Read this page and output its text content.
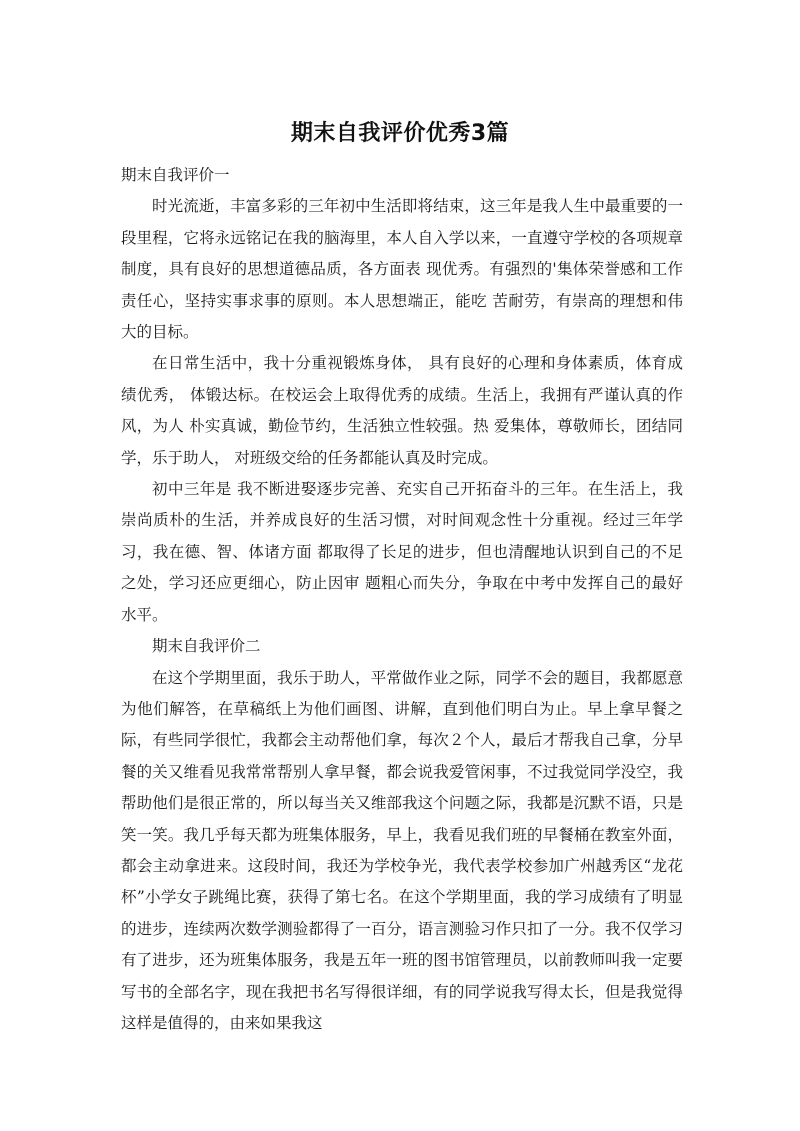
期末自我评价优秀3篇

期末自我评价一

时光流逝，丰富多彩的三年初中生活即将结束，这三年是我人生中最重要的一段里程，它将永远铭记在我的脑海里，本人自入学以来，一直遵守学校的各项规章 制度，具有良好的思想道德品质，各方面表 现优秀。有强烈的'集体荣誉感和工作责任心，坚持实事求事的原则。本人思想端正，能吃 苦耐劳，有崇高的理想和伟大的目标。

在日常生活中，我十分重视锻炼身体， 具有良好的心理和身体素质，体育成绩优秀， 体锻达标。在校运会上取得优秀的成绩。生活上，我拥有严谨认真的作风，为人 朴实真诚，勤俭节约，生活独立性较强。热 爱集体，尊敬师长，团结同学，乐于助人， 对班级交给的任务都能认真及时完成。

初中三年是 我不断进娶逐步完善、充实自己开拓奋斗的三年。在生活上，我崇尚质朴的生活，并养成良好的生活习惯，对时间观念性十分重视。经过三年学习，我在德、智、体诸方面 都取得了长足的进步，但也清醒地认识到自己的不足之处，学习还应更细心，防止因审 题粗心而失分，争取在中考中发挥自己的最好水平。

期末自我评价二

在这个学期里面，我乐于助人，平常做作业之际，同学不会的题目，我都愿意为他们解答，在草稿纸上为他们画图、讲解，直到他们明白为止。早上拿早餐之际，有些同学很忙，我都会主动帮他们拿，每次２个人，最后才帮我自己拿，分早餐的关又维看见我常常帮别人拿早餐，都会说我爱管闲事，不过我觉同学没空，我帮助他们是很正常的，所以每当关又维部我这个问题之际，我都是沉默不语，只是笑一笑。我几乎每天都为班集体服务，早上，我看见我们班的早餐桶在教室外面，都会主动拿进来。这段时间，我还为学校争光，我代表学校参加广州越秀区“龙花杯”小学女子跳绳比赛，获得了第七名。在这个学期里面，我的学习成绩有了明显的进步，连续两次数学测验都得了一百分，语言测验习作只扣了一分。我不仅学习有了进步，还为班集体服务，我是五年一班的图书馆管理员，以前教师叫我一定要写书的全部名字，现在我把书名写得很详细，有的同学说我写得太长，但是我觉得这样是值得的，由来如果我这
